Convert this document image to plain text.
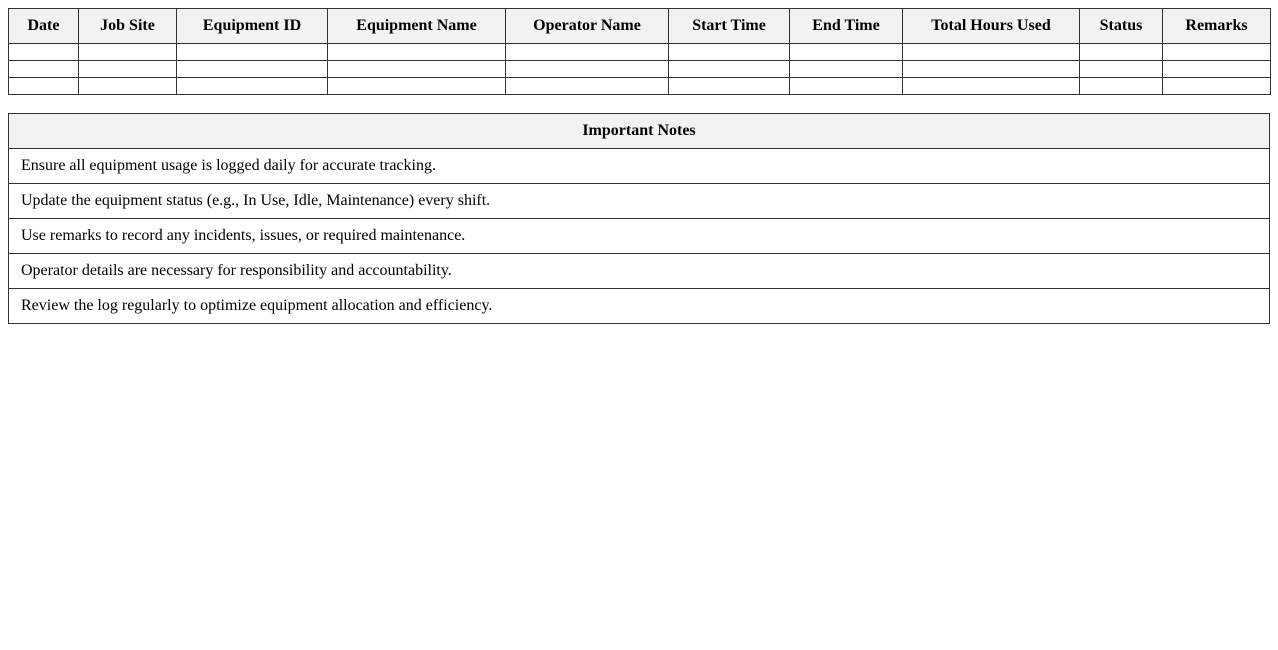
Date	Job Site	Equipment ID	Equipment Name	Operator Name	Start Time	End Time	Total Hours Used	Status	Remarks

Important Notes
Ensure all equipment usage is logged daily for accurate tracking.
Update the equipment status (e.g., In Use, Idle, Maintenance) every shift.
Use remarks to record any incidents, issues, or required maintenance.
Operator details are necessary for responsibility and accountability.
Review the log regularly to optimize equipment allocation and efficiency.
